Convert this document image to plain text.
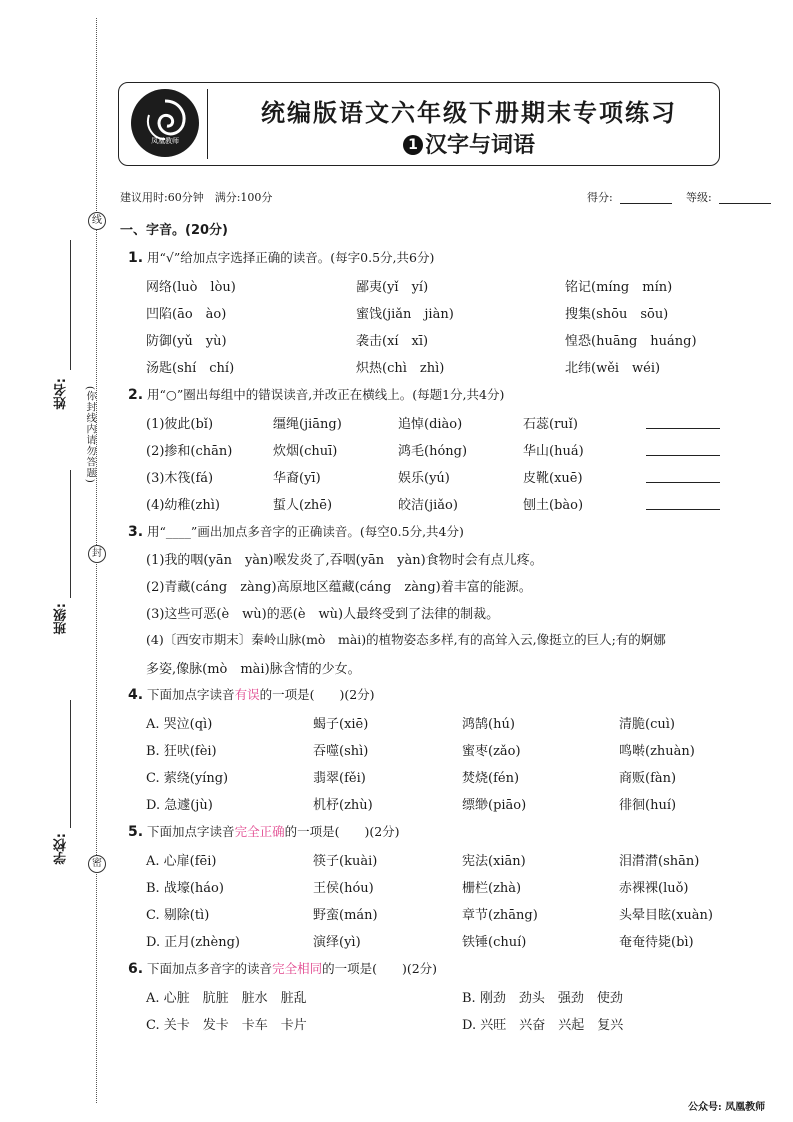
线
封
密
(你封线内请勿答题)
姓名:
班级:
学校:
凤凰教师
统编版语文六年级下册期末专项练习
1 汉字与词语
建议用时:60分钟　满分:100分	得分:	等级:
一、字音。(20分)
1. 用“√”给加点字选择正确的读音。(每字0.5分,共6分)
网络(luò　lòu)	鄙夷(yǐ　yí)	铭记(míng　mín)
凹陷(āo　ào)	蜜饯(jiǎn　jiàn)	搜集(shōu　sōu)
防御(yǔ　yù)	袭击(xí　xī)	惶恐(huāng　huáng)
汤匙(shí　chí)	炽热(chì　zhì)	北纬(wěi　wéi)
2. 用“○”圈出每组中的错误读音,并改正在横线上。(每题1分,共4分)
(1)彼此(bǐ)	缰绳(jiāng)	追悼(diào)	石蕊(ruǐ)
(2)掺和(chān)	炊烟(chuī)	鸿毛(hóng)	华山(huá)
(3)木筏(fá)	华裔(yī)	娱乐(yú)	皮靴(xuē)
(4)幼稚(zhì)	蜇人(zhē)	皎洁(jiǎo)	刨土(bào)
3. 用“____”画出加点多音字的正确读音。(每空0.5分,共4分)
(1)我的咽(yān　yàn)喉发炎了,吞咽(yān　yàn)食物时会有点儿疼。
(2)青藏(cáng　zàng)高原地区蕴藏(cáng　zàng)着丰富的能源。
(3)这些可恶(è　wù)的恶(è　wù)人最终受到了法律的制裁。
(4)〔西安市期末〕秦岭山脉(mò　mài)的植物姿态多样,有的高耸入云,像挺立的巨人;有的婀娜
多姿,像脉(mò　mài)脉含情的少女。
4. 下面加点字读音有误的一项是(　　)(2分)
A. 哭泣(qì)	蝎子(xiē)	鸿鹄(hú)	清脆(cuì)
B. 狂吠(fèi)	吞噬(shì)	蜜枣(zǎo)	鸣啭(zhuàn)
C. 萦绕(yíng)	翡翠(fěi)	焚烧(fén)	商贩(fàn)
D. 急遽(jù)	机杼(zhù)	缥缈(piāo)	徘徊(huí)
5. 下面加点字读音完全正确的一项是(　　)(2分)
A. 心扉(fēi)	筷子(kuài)	宪法(xiān)	泪潸潸(shān)
B. 战壕(háo)	王侯(hóu)	栅栏(zhà)	赤裸裸(luǒ)
C. 剔除(tì)	野蛮(mán)	章节(zhāng)	头晕目眩(xuàn)
D. 正月(zhèng)	演绎(yì)	铁锤(chuí)	奄奄待毙(bì)
6. 下面加点多音字的读音完全相同的一项是(　　)(2分)
A. 心脏　肮脏　脏水　脏乱	B. 刚劲　劲头　强劲　使劲
C. 关卡　发卡　卡车　卡片	D. 兴旺　兴奋　兴起　复兴
公众号: 凤凰教师
